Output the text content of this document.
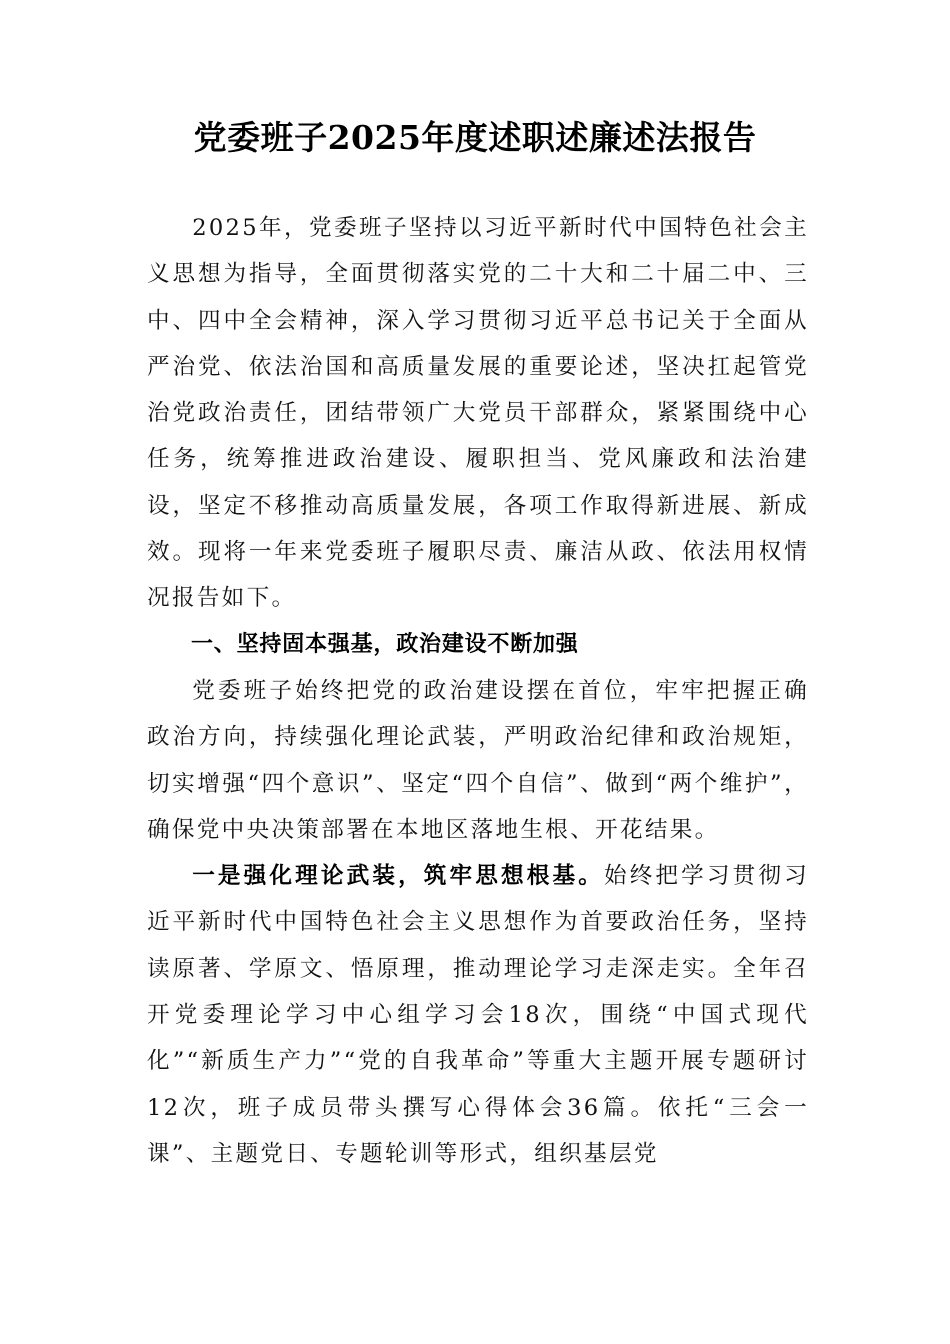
党委班子2025年度述职述廉述法报告

2025年，党委班子坚持以习近平新时代中国特色社会主义思想为指导，全面贯彻落实党的二十大和二十届二中、三中、四中全会精神，深入学习贯彻习近平总书记关于全面从严治党、依法治国和高质量发展的重要论述，坚决扛起管党治党政治责任，团结带领广大党员干部群众，紧紧围绕中心任务，统筹推进政治建设、履职担当、党风廉政和法治建设，坚定不移推动高质量发展，各项工作取得新进展、新成效。现将一年来党委班子履职尽责、廉洁从政、依法用权情况报告如下。

一、坚持固本强基，政治建设不断加强

党委班子始终把党的政治建设摆在首位，牢牢把握正确政治方向，持续强化理论武装，严明政治纪律和政治规矩，切实增强“四个意识”、坚定“四个自信”、做到“两个维护”，确保党中央决策部署在本地区落地生根、开花结果。

一是强化理论武装，筑牢思想根基。始终把学习贯彻习近平新时代中国特色社会主义思想作为首要政治任务，坚持读原著、学原文、悟原理，推动理论学习走深走实。全年召开党委理论学习中心组学习会18次，围绕“中国式现代化”“新质生产力”“党的自我革命”等重大主题开展专题研讨12次，班子成员带头撰写心得体会36篇。依托“三会一课”、主题党日、专题轮训等形式，组织基层党
